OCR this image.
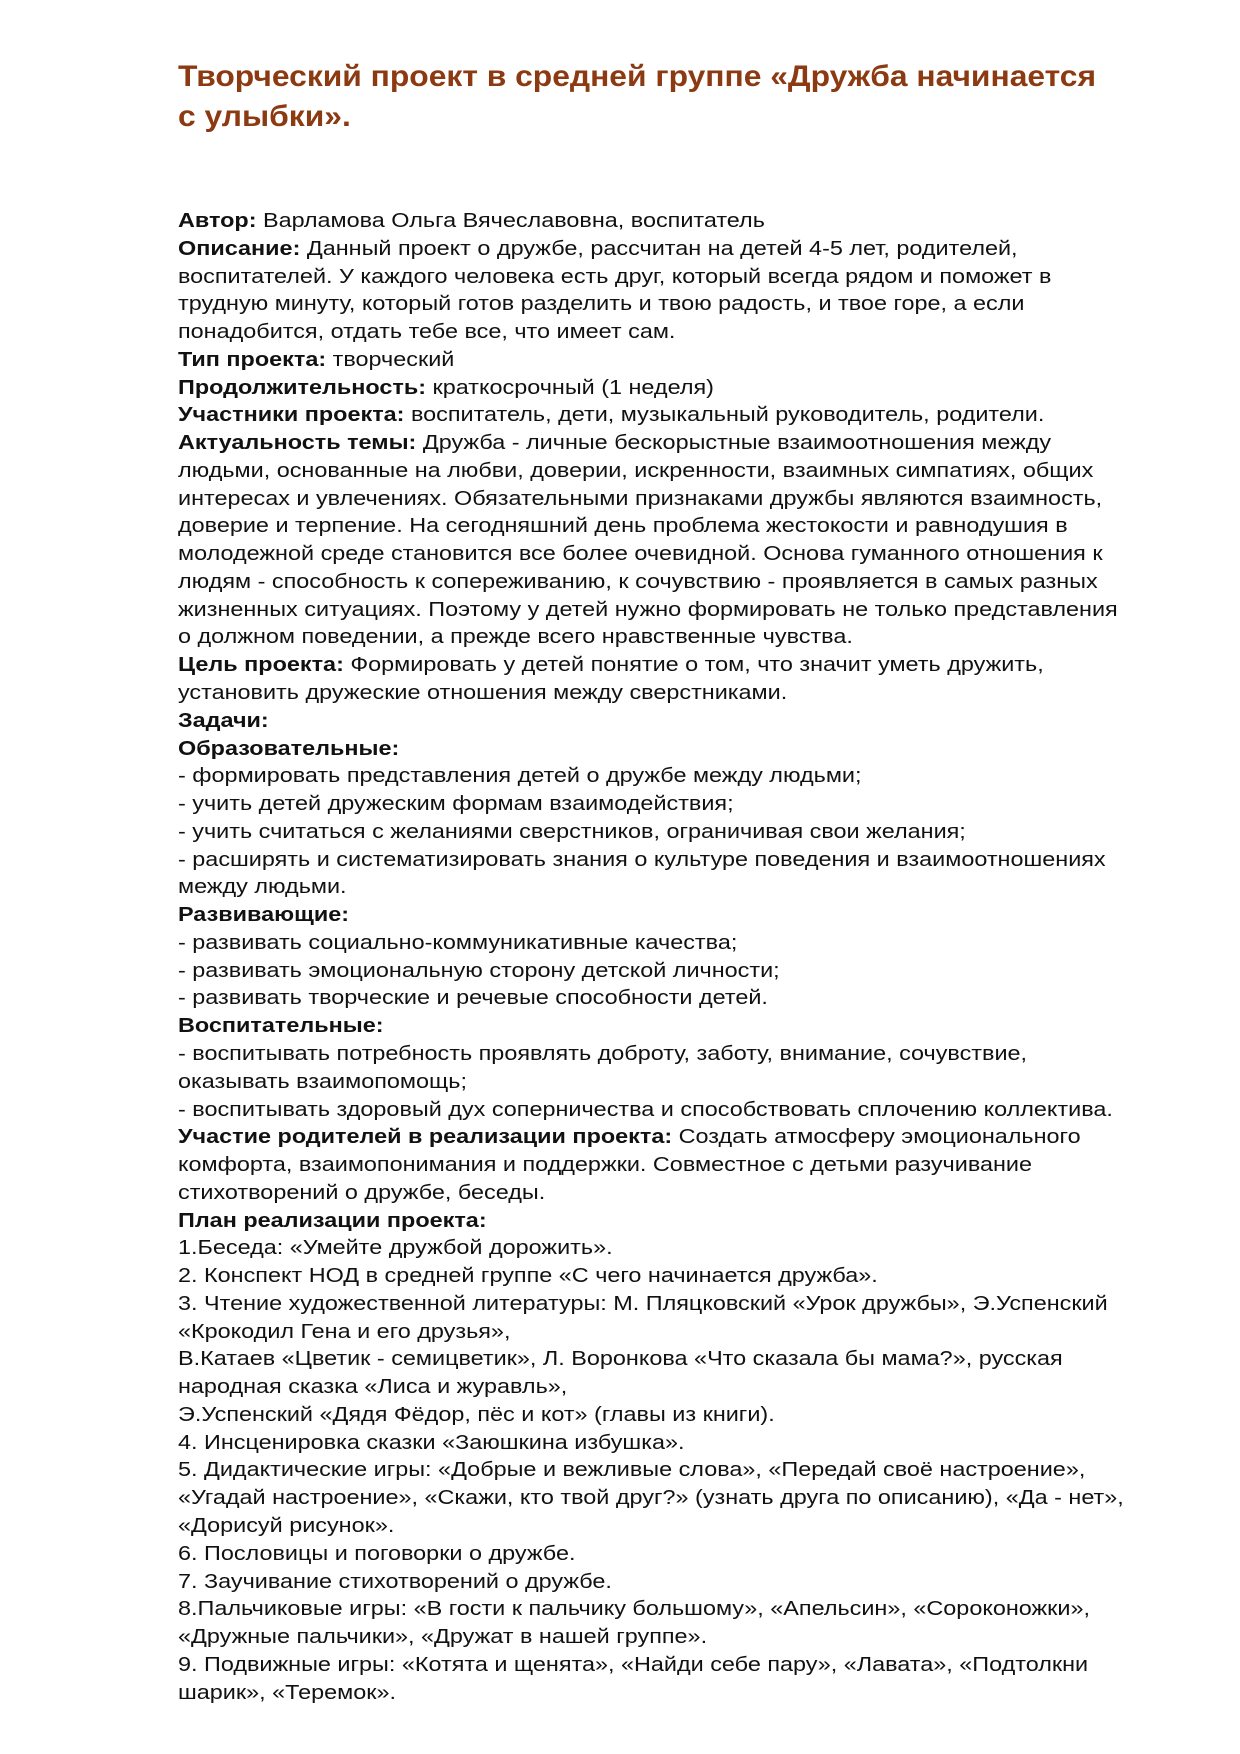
Творческий проект в средней группе «Дружба начинается
с улыбки».
Автор: Варламова Ольга Вячеславовна, воспитатель
Описание: Данный проект о дружбе, рассчитан на детей 4-5 лет, родителей,
воспитателей. У каждого человека есть друг, который всегда рядом и поможет в
трудную минуту, который готов разделить и твою радость, и твое горе, а если
понадобится, отдать тебе все, что имеет сам.
Тип проекта: творческий
Продолжительность: краткосрочный (1 неделя)
Участники проекта: воспитатель, дети, музыкальный руководитель, родители.
Актуальность темы: Дружба - личные бескорыстные взаимоотношения между
людьми, основанные на любви, доверии, искренности, взаимных симпатиях, общих
интересах и увлечениях. Обязательными признаками дружбы являются взаимность,
доверие и терпение. На сегодняшний день проблема жестокости и равнодушия в
молодежной среде становится все более очевидной. Основа гуманного отношения к
людям - способность к сопереживанию, к сочувствию - проявляется в самых разных
жизненных ситуациях. Поэтому у детей нужно формировать не только представления
о должном поведении, а прежде всего нравственные чувства.
Цель проекта: Формировать у детей понятие о том, что значит уметь дружить,
установить дружеские отношения между сверстниками.
Задачи:
Образовательные:
- формировать представления детей о дружбе между людьми;
- учить детей дружеским формам взаимодействия;
- учить считаться с желаниями сверстников, ограничивая свои желания;
- расширять и систематизировать знания о культуре поведения и взаимоотношениях
между людьми.
Развивающие:
- развивать социально-коммуникативные качества;
- развивать эмоциональную сторону детской личности;
- развивать творческие и речевые способности детей.
Воспитательные:
- воспитывать потребность проявлять доброту, заботу, внимание, сочувствие,
оказывать взаимопомощь;
- воспитывать здоровый дух соперничества и способствовать сплочению коллектива.
Участие родителей в реализации проекта: Создать атмосферу эмоционального
комфорта, взаимопонимания и поддержки. Совместное с детьми разучивание
стихотворений о дружбе, беседы.
План реализации проекта:
1.Беседа: «Умейте дружбой дорожить».
2. Конспект НОД в средней группе «С чего начинается дружба».
3. Чтение художественной литературы: М. Пляцковский «Урок дружбы», Э.Успенский
«Крокодил Гена и его друзья»,
В.Катаев «Цветик - семицветик», Л. Воронкова «Что сказала бы мама?», русская
народная сказка «Лиса и журавль»,
Э.Успенский «Дядя Фёдор, пёс и кот» (главы из книги).
4. Инсценировка сказки «Заюшкина избушка».
5. Дидактические игры: «Добрые и вежливые слова», «Передай своё настроение»,
«Угадай настроение», «Скажи, кто твой друг?» (узнать друга по описанию), «Да - нет»,
«Дорисуй рисунок».
6. Пословицы и поговорки о дружбе.
7. Заучивание стихотворений о дружбе.
8.Пальчиковые игры: «В гости к пальчику большому», «Апельсин», «Сороконожки»,
«Дружные пальчики», «Дружат в нашей группе».
9. Подвижные игры: «Котята и щенята», «Найди себе пару», «Лавата», «Подтолкни
шарик», «Теремок».
